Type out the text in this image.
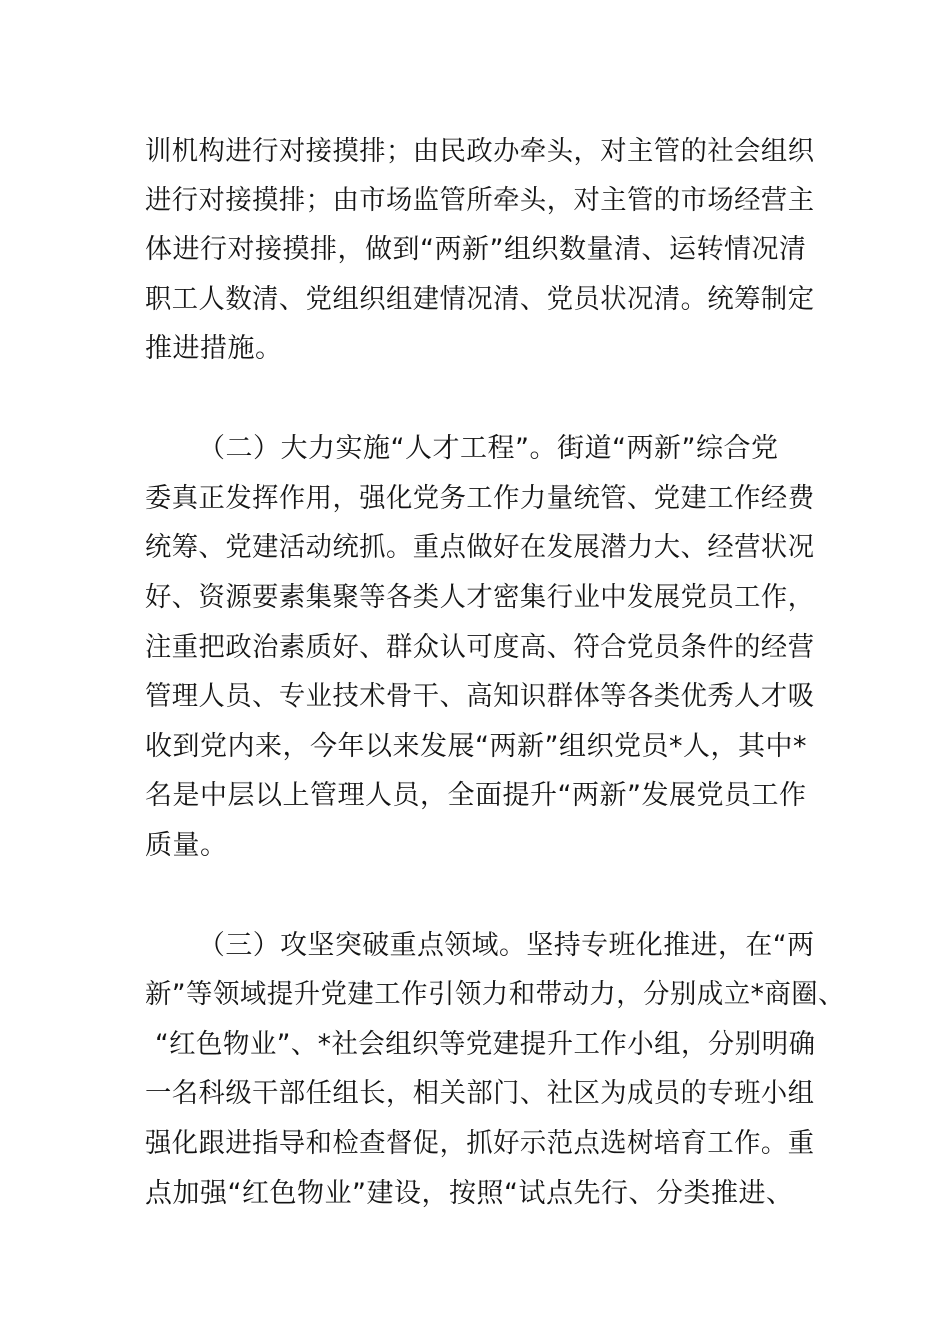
训机构进行对接摸排；由民政办牵头，对主管的社会组织
进行对接摸排；由市场监管所牵头，对主管的市场经营主
体进行对接摸排，做到“两新”组织数量清、运转情况清
职工人数清、党组织组建情况清、党员状况清。统筹制定
推进措施。
（二）大力实施“人才工程”。街道“两新”综合党
委真正发挥作用，强化党务工作力量统管、党建工作经费
统筹、党建活动统抓。重点做好在发展潜力大、经营状况
好、资源要素集聚等各类人才密集行业中发展党员工作，
注重把政治素质好、群众认可度高、符合党员条件的经营
管理人员、专业技术骨干、高知识群体等各类优秀人才吸
收到党内来，今年以来发展“两新”组织党员*人，其中*
名是中层以上管理人员，全面提升“两新”发展党员工作
质量。
（三）攻坚突破重点领域。坚持专班化推进，在“两
新”等领域提升党建工作引领力和带动力，分别成立*商圈、
“红色物业”、*社会组织等党建提升工作小组，分别明确
一名科级干部任组长，相关部门、社区为成员的专班小组
强化跟进指导和检查督促，抓好示范点选树培育工作。重
点加强“红色物业”建设，按照“试点先行、分类推进、
